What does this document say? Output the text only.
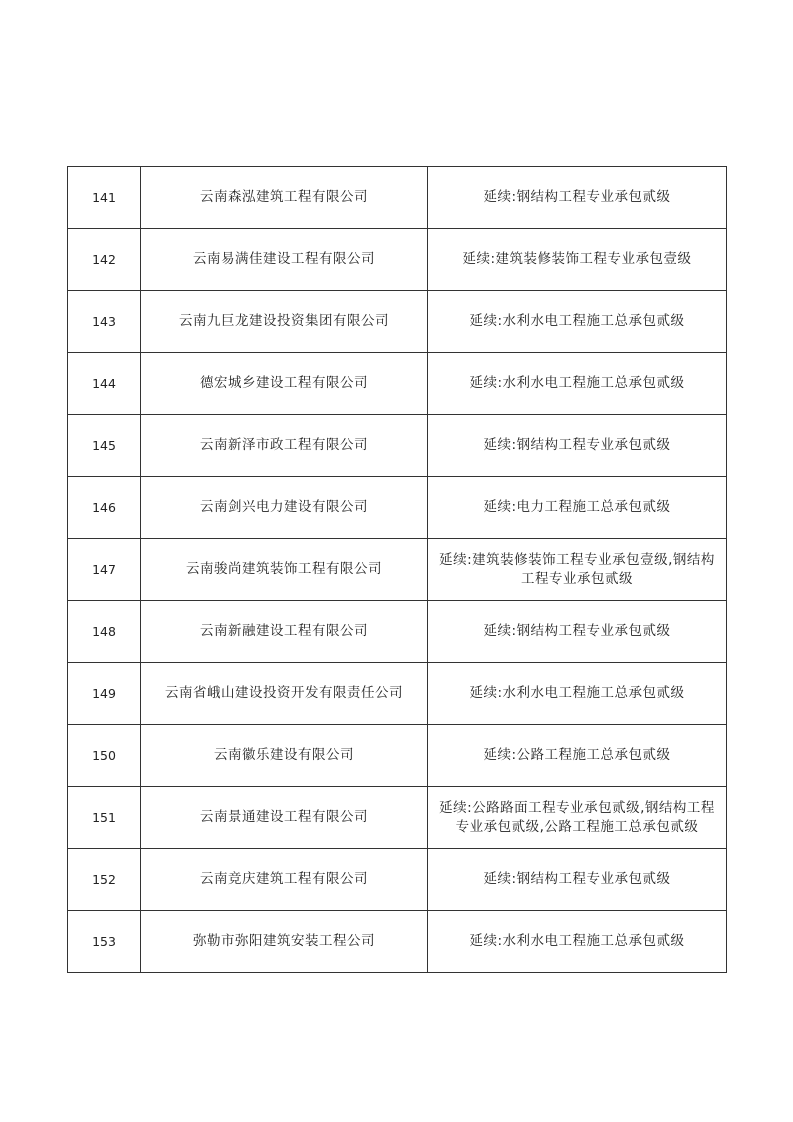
141	云南森泓建筑工程有限公司	延续:钢结构工程专业承包贰级
142	云南易满佳建设工程有限公司	延续:建筑装修装饰工程专业承包壹级
143	云南九巨龙建设投资集团有限公司	延续:水利水电工程施工总承包贰级
144	德宏城乡建设工程有限公司	延续:水利水电工程施工总承包贰级
145	云南新泽市政工程有限公司	延续:钢结构工程专业承包贰级
146	云南剑兴电力建设有限公司	延续:电力工程施工总承包贰级
147	云南骏尚建筑装饰工程有限公司	延续:建筑装修装饰工程专业承包壹级,钢结构工程专业承包贰级
148	云南新融建设工程有限公司	延续:钢结构工程专业承包贰级
149	云南省峨山建设投资开发有限责任公司	延续:水利水电工程施工总承包贰级
150	云南徽乐建设有限公司	延续:公路工程施工总承包贰级
151	云南景通建设工程有限公司	延续:公路路面工程专业承包贰级,钢结构工程专业承包贰级,公路工程施工总承包贰级
152	云南竞庆建筑工程有限公司	延续:钢结构工程专业承包贰级
153	弥勒市弥阳建筑安装工程公司	延续:水利水电工程施工总承包贰级
